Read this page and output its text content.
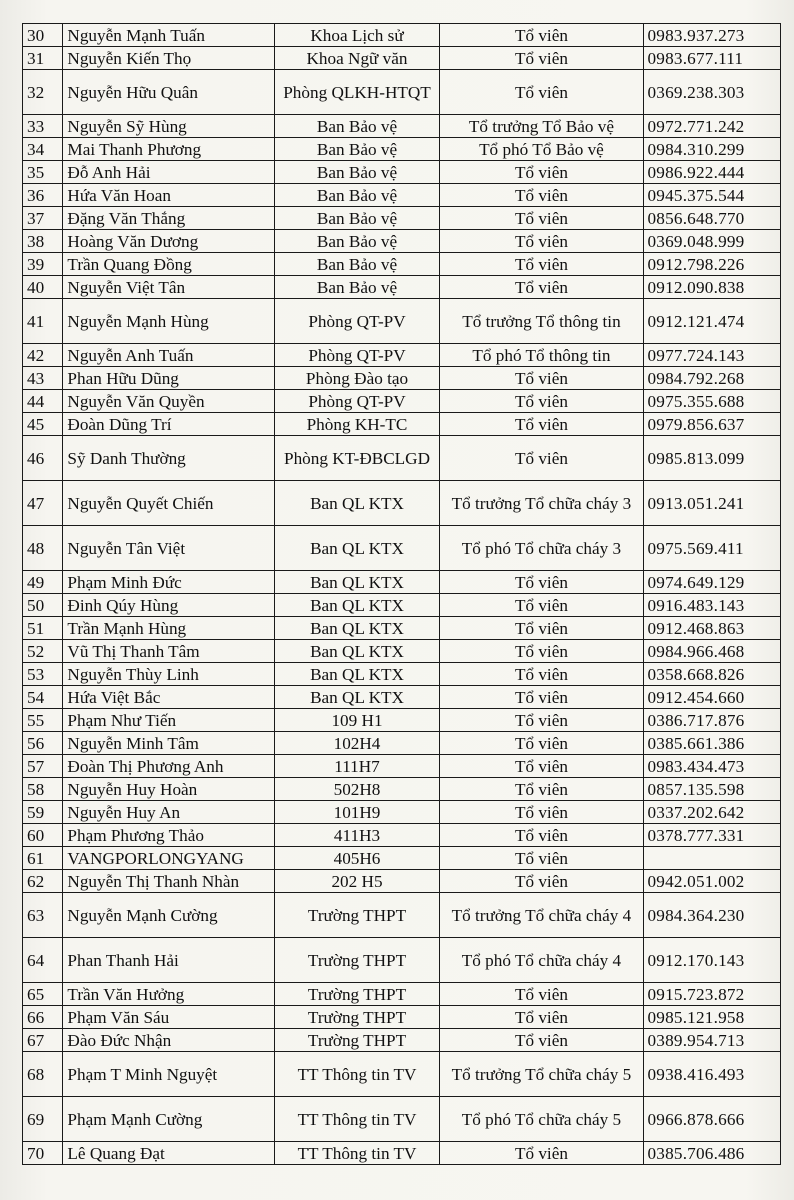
30	Nguyễn Mạnh Tuấn	Khoa Lịch sử	Tổ viên	0983.937.273
31	Nguyễn Kiến Thọ	Khoa Ngữ văn	Tổ viên	0983.677.111
32	Nguyễn Hữu Quân	Phòng QLKH-HTQT	Tổ viên	0369.238.303
33	Nguyễn Sỹ Hùng	Ban Bảo vệ	Tổ trưởng Tổ Bảo vệ	0972.771.242
34	Mai Thanh Phương	Ban Bảo vệ	Tổ phó Tổ Bảo vệ	0984.310.299
35	Đỗ Anh Hải	Ban Bảo vệ	Tổ viên	0986.922.444
36	Hứa Văn Hoan	Ban Bảo vệ	Tổ viên	0945.375.544
37	Đặng Văn Thắng	Ban Bảo vệ	Tổ viên	0856.648.770
38	Hoàng Văn Dương	Ban Bảo vệ	Tổ viên	0369.048.999
39	Trần Quang Đồng	Ban Bảo vệ	Tổ viên	0912.798.226
40	Nguyễn Việt Tân	Ban Bảo vệ	Tổ viên	0912.090.838
41	Nguyễn Mạnh Hùng	Phòng QT-PV	Tổ trưởng Tổ thông tin	0912.121.474
42	Nguyễn Anh Tuấn	Phòng QT-PV	Tổ phó Tổ thông tin	0977.724.143
43	Phan Hữu Dũng	Phòng Đào tạo	Tổ viên	0984.792.268
44	Nguyễn Văn Quyền	Phòng QT-PV	Tổ viên	0975.355.688
45	Đoàn Dũng Trí	Phòng KH-TC	Tổ viên	0979.856.637
46	Sỹ Danh Thường	Phòng KT-ĐBCLGD	Tổ viên	0985.813.099
47	Nguyễn Quyết Chiến	Ban QL KTX	Tổ trưởng Tổ chữa cháy 3	0913.051.241
48	Nguyễn Tân Việt	Ban QL KTX	Tổ phó Tổ chữa cháy 3	0975.569.411
49	Phạm Minh Đức	Ban QL KTX	Tổ viên	0974.649.129
50	Đinh Qúy Hùng	Ban QL KTX	Tổ viên	0916.483.143
51	Trần Mạnh Hùng	Ban QL KTX	Tổ viên	0912.468.863
52	Vũ Thị Thanh Tâm	Ban QL KTX	Tổ viên	0984.966.468
53	Nguyễn Thùy Linh	Ban QL KTX	Tổ viên	0358.668.826
54	Hứa Việt Bắc	Ban QL KTX	Tổ viên	0912.454.660
55	Phạm Như Tiến	109 H1	Tổ viên	0386.717.876
56	Nguyễn Minh Tâm	102H4	Tổ viên	0385.661.386
57	Đoàn Thị Phương Anh	111H7	Tổ viên	0983.434.473
58	Nguyễn Huy Hoàn	502H8	Tổ viên	0857.135.598
59	Nguyễn Huy An	101H9	Tổ viên	0337.202.642
60	Phạm Phương Thảo	411H3	Tổ viên	0378.777.331
61	VANGPORLONGYANG	405H6	Tổ viên	
62	Nguyễn Thị Thanh Nhàn	202 H5	Tổ viên	0942.051.002
63	Nguyễn Mạnh Cường	Trường THPT	Tổ trưởng Tổ chữa cháy 4	0984.364.230
64	Phan Thanh Hải	Trường THPT	Tổ phó Tổ chữa cháy 4	0912.170.143
65	Trần Văn Hưởng	Trường THPT	Tổ viên	0915.723.872
66	Phạm Văn Sáu	Trường THPT	Tổ viên	0985.121.958
67	Đào Đức Nhận	Trường THPT	Tổ viên	0389.954.713
68	Phạm T Minh Nguyệt	TT Thông tin TV	Tổ trưởng Tổ chữa cháy 5	0938.416.493
69	Phạm Mạnh Cường	TT Thông tin TV	Tổ phó Tổ chữa cháy 5	0966.878.666
70	Lê Quang Đạt	TT Thông tin TV	Tổ viên	0385.706.486
